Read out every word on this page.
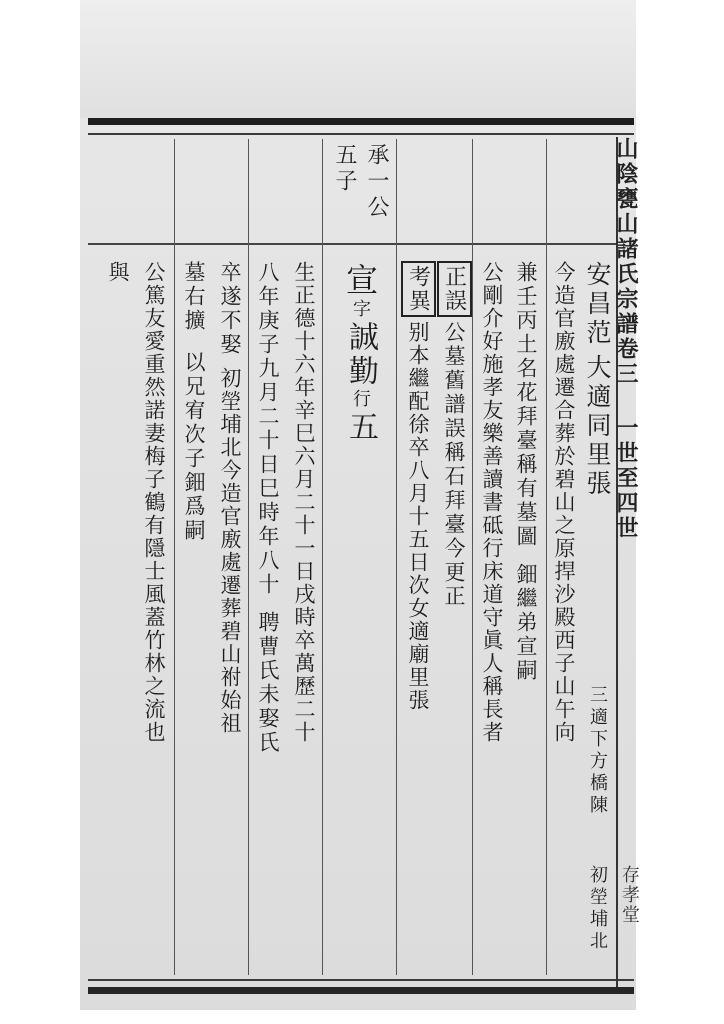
安昌范
大適同里張
初塋埔北
三適下方橋陳
今造官廒處遷合葬於碧山之原捍沙殿西子山午向
兼壬丙土名花拜臺稱有墓圖
鈿繼弟宣嗣
公剛介好施孝友樂善讀書砥行床道守眞人稱長者
正誤
公墓舊譜誤稱石拜臺今更正
考異
别本繼配徐卒八月十五日次女適廟里張
承一公
五子
宣
字
誠勤
行
五
生正德十六年辛巳六月二十一日戌時卒萬歷二十
八年庚子九月二十日巳時年八十
聘曹氏未娶氏
卒遂不娶
初塋埔北今造官廒處遷葬碧山祔始祖
墓右擴
以兄宥次子鈿爲嗣
公篤友愛重然諾妻梅子鶴有隱士風蓋竹林之流也
與	山陰甕山諸氏宗譜卷三 一世至四世
存孝堂
